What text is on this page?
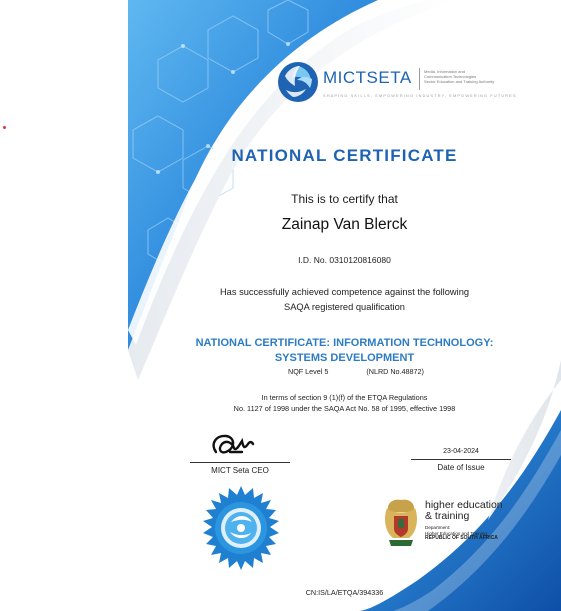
MICTSETA	Media, Information and
Communication Technologies
Sector Education and Training Authority
SHAPING SKILLS, EMPOWERING INDUSTRY, EMPOWERING FUTURES
NATIONAL CERTIFICATE
This is to certify that
Zainap Van Blerck
I.D. No. 0310120816080
Has successfully achieved competence against the following
SAQA registered qualification
NATIONAL CERTIFICATE: INFORMATION TECHNOLOGY:
SYSTEMS DEVELOPMENT
NQF Level 5	(NLRD No.48872)
In terms of section 9 (1)(f) of the ETQA Regulations
No. 1127 of 1998 under the SAQA Act No. 58 of 1995, effective 1998
MICT Seta CEO
23-04-2024
Date of Issue
higher education
& training
Department:
Higher Education and Training
REPUBLIC OF SOUTH AFRICA
CN:IS/LA/ETQA/394336
